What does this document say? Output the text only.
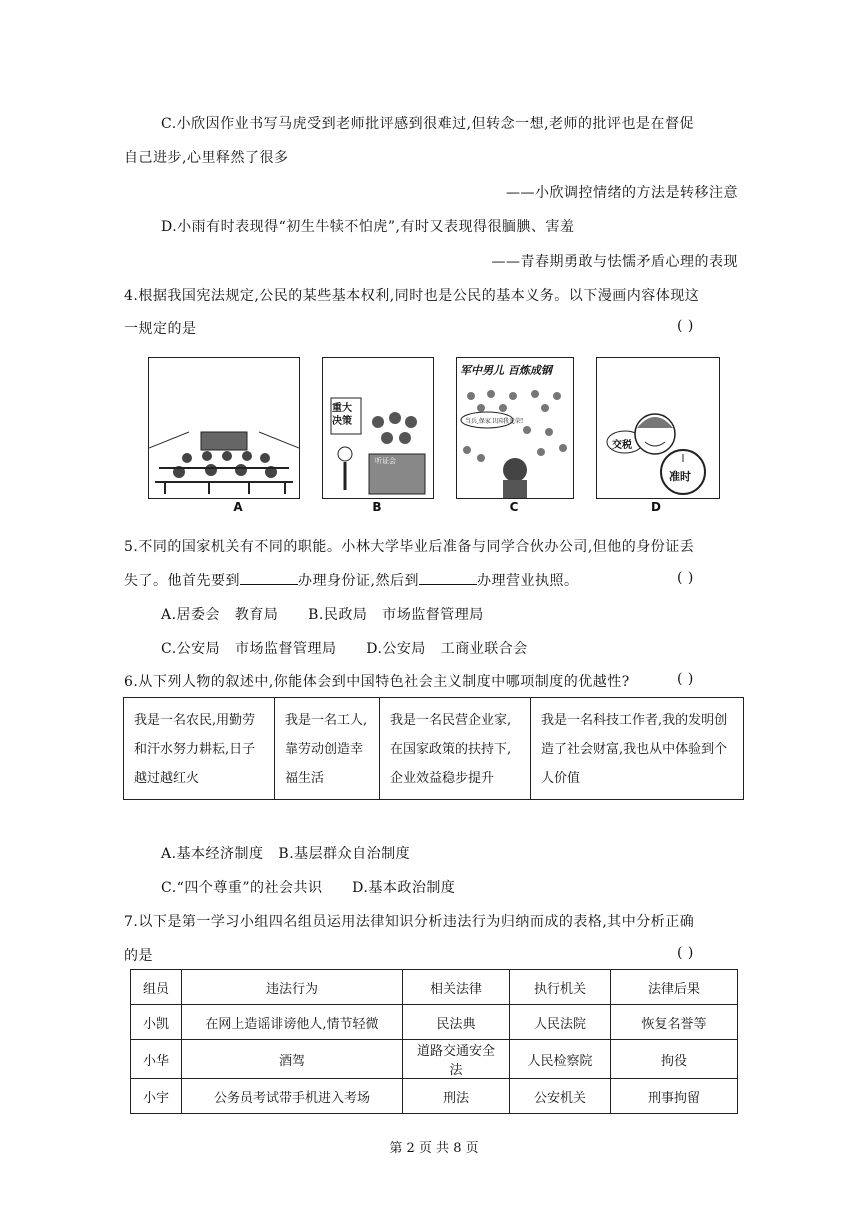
C.小欣因作业书写马虎受到老师批评感到很难过,但转念一想,老师的批评也是在督促
自己进步,心里释然了很多
——小欣调控情绪的方法是转移注意
D.小雨有时表现得“初生牛犊不怕虎”,有时又表现得很腼腆、害羞
——青春期勇敢与怯懦矛盾心理的表现
4.根据我国宪法规定,公民的某些基本权利,同时也是公民的基本义务。以下漫画内容体现这
一规定的是	( )
A
重大决策
听证会
B
军中男儿 百炼成钢
当兵,保家卫国我光荣!
C
交税
准时
D
5.不同的国家机关有不同的职能。小林大学毕业后准备与同学合伙办公司,但他的身份证丢
失了。他首先要到	办理身份证,然后到	办理营业执照。	( )
A.居委会   教育局      B.民政局   市场监督管理局
C.公安局   市场监督管理局      D.公安局   工商业联合会
6.从下列人物的叙述中,你能体会到中国特色社会主义制度中哪项制度的优越性?	( )
我是一名农民,用勤劳
和汗水努力耕耘,日子
越过越红火

我是一名工人,
靠劳动创造幸
福生活

我是一名民营企业家,
在国家政策的扶持下,
企业效益稳步提升

我是一名科技工作者,我的发明创
造了社会财富,我也从中体验到个
人价值
A.基本经济制度   B.基层群众自治制度
C.“四个尊重”的社会共识      D.基本政治制度
7.以下是第一学习小组四名组员运用法律知识分析违法行为归纳而成的表格,其中分析正确
的是	( )
组员	违法行为	相关法律	执行机关	法律后果
小凯	在网上造谣诽谤他人,情节轻微	民法典	人民法院	恢复名誉等
小华	酒驾	道路交通安全法	人民检察院	拘役
小宇	公务员考试带手机进入考场	刑法	公安机关	刑事拘留
第 2 页 共 8 页
